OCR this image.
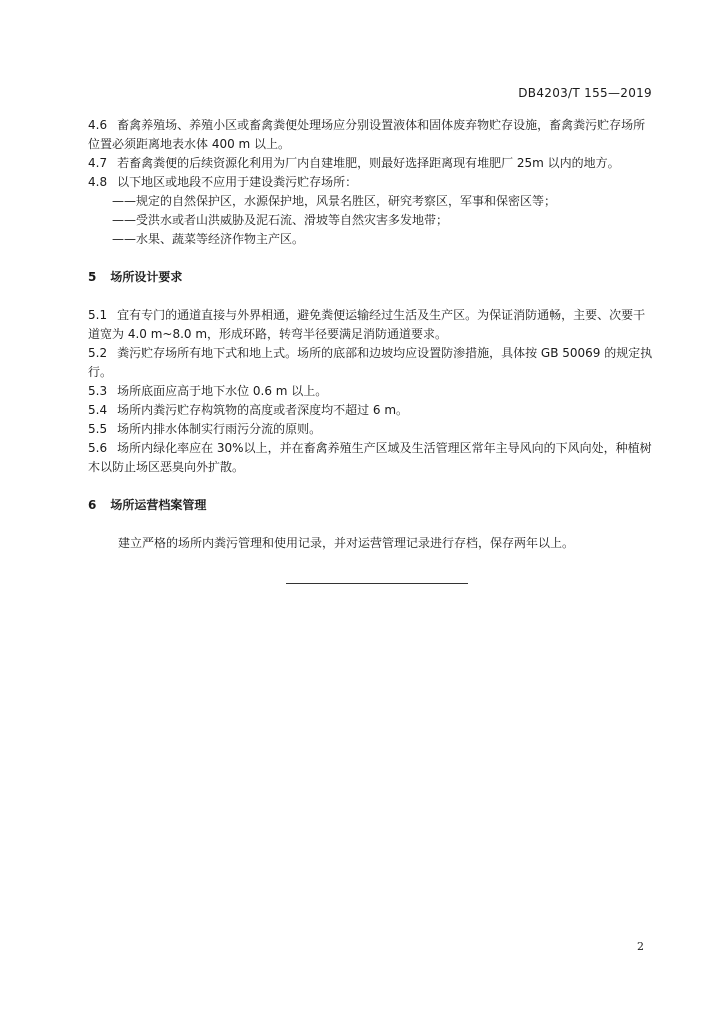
DB4203/T 155—2019

4.6 畜禽养殖场、养殖小区或畜禽粪便处理场应分别设置液体和固体废弃物贮存设施，畜禽粪污贮存场所位置必须距离地表水体 400 m 以上。

4.7 若畜禽粪便的后续资源化利用为厂内自建堆肥，则最好选择距离现有堆肥厂 25m 以内的地方。

4.8 以下地区或地段不应用于建设粪污贮存场所：

——规定的自然保护区，水源保护地，风景名胜区，研究考察区，军事和保密区等；

——受洪水或者山洪威胁及泥石流、滑坡等自然灾害多发地带；

——水果、蔬菜等经济作物主产区。

5 场所设计要求

5.1 宜有专门的通道直接与外界相通，避免粪便运输经过生活及生产区。为保证消防通畅，主要、次要干道宽为 4.0 m~8.0 m，形成环路，转弯半径要满足消防通道要求。

5.2 粪污贮存场所有地下式和地上式。场所的底部和边坡均应设置防渗措施，具体按 GB 50069 的规定执行。

5.3 场所底面应高于地下水位 0.6 m 以上。

5.4 场所内粪污贮存构筑物的高度或者深度均不超过 6 m。

5.5 场所内排水体制实行雨污分流的原则。

5.6 场所内绿化率应在 30%以上，并在畜禽养殖生产区域及生活管理区常年主导风向的下风向处，种植树木以防止场区恶臭向外扩散。

6 场所运营档案管理

建立严格的场所内粪污管理和使用记录，并对运营管理记录进行存档，保存两年以上。

2
